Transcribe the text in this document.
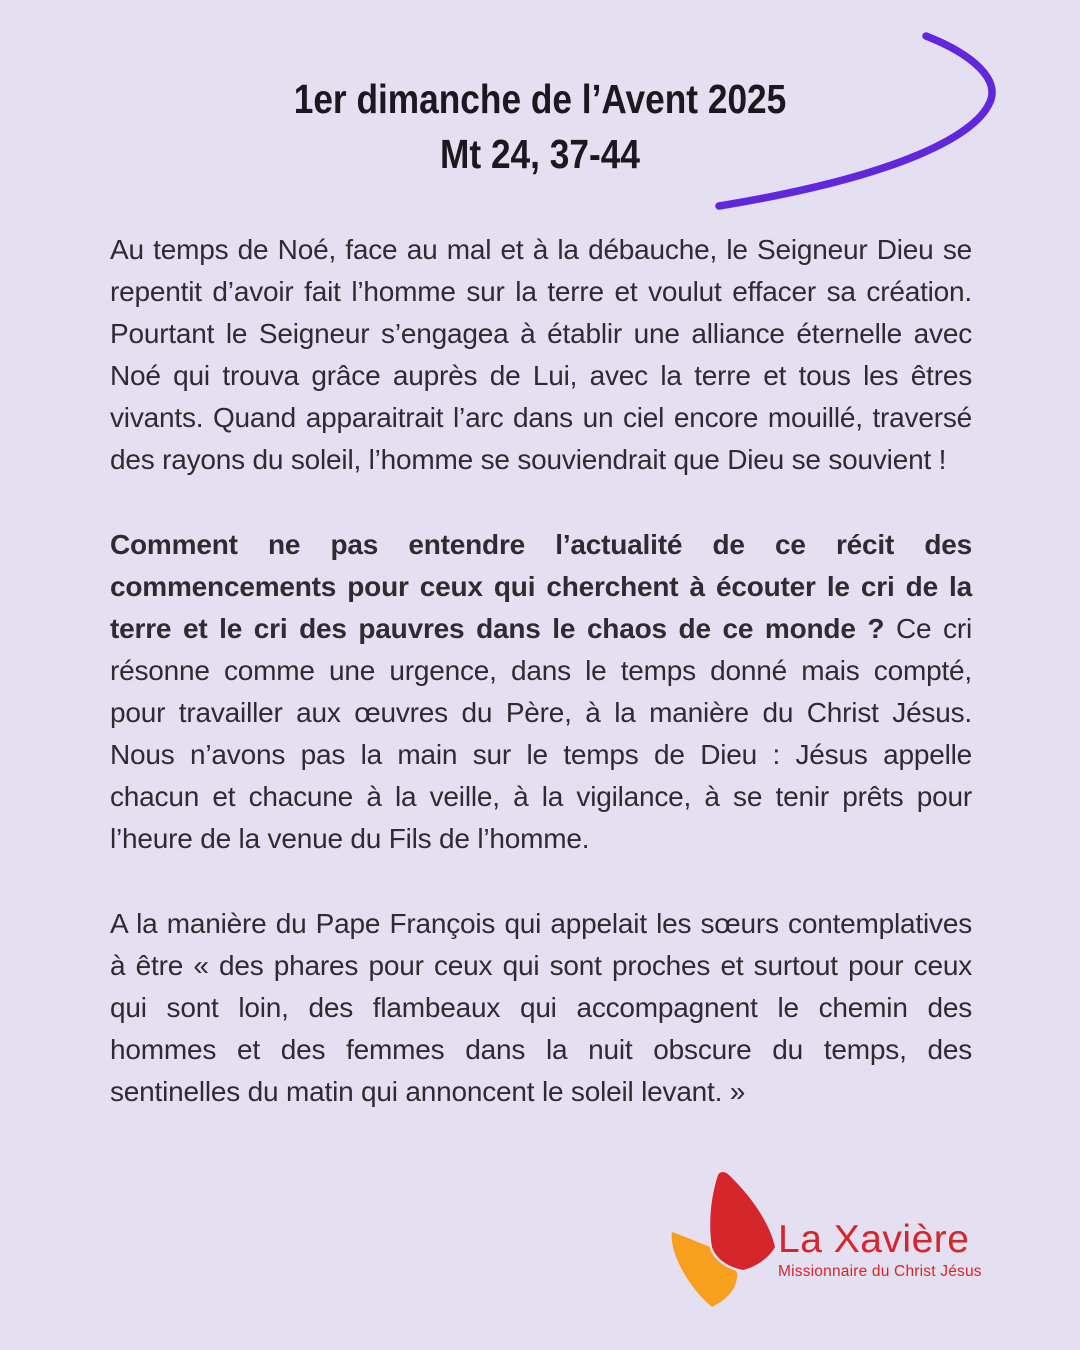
1er dimanche de l’Avent 2025
Mt 24, 37-44

Au temps de Noé, face au mal et à la débauche, le Seigneur Dieu se repentit d’avoir fait l’homme sur la terre et voulut effacer sa création. Pourtant le Seigneur s’engagea à établir une alliance éternelle avec Noé qui trouva grâce auprès de Lui, avec la terre et tous les êtres vivants. Quand apparaitrait l’arc dans un ciel encore mouillé, traversé des rayons du soleil, l’homme se souviendrait que Dieu se souvient !

Comment ne pas entendre l’actualité de ce récit des commencements pour ceux qui cherchent à écouter le cri de la terre et le cri des pauvres dans le chaos de ce monde ? Ce cri résonne comme une urgence, dans le temps donné mais compté, pour travailler aux œuvres du Père, à la manière du Christ Jésus. Nous n’avons pas la main sur le temps de Dieu : Jésus appelle chacun et chacune à la veille, à la vigilance, à se tenir prêts pour l’heure de la venue du Fils de l’homme.

A la manière du Pape François qui appelait les sœurs contemplatives à être « des phares pour ceux qui sont proches et surtout pour ceux qui sont loin, des flambeaux qui accompagnent le chemin des hommes et des femmes dans la nuit obscure du temps, des sentinelles du matin qui annoncent le soleil levant. »

La Xavière
Missionnaire du Christ Jésus
